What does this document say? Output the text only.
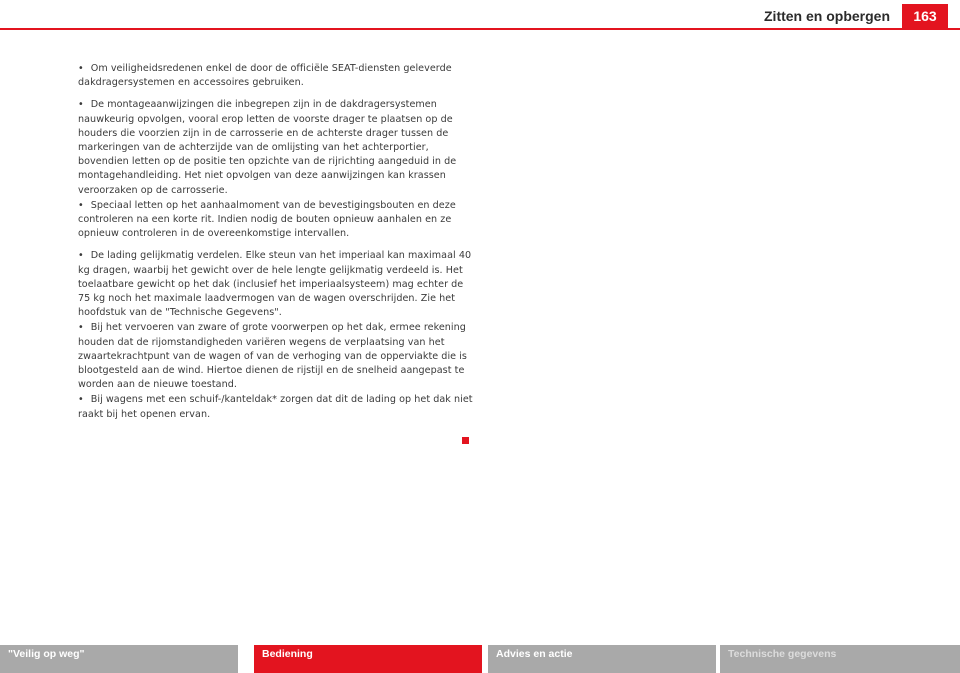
Zitten en opbergen	163

• Om veiligheidsredenen enkel de door de officiële SEAT-diensten geleverde dakdragersystemen en accessoires gebruiken.

• De montageaanwijzingen die inbegrepen zijn in de dakdragersystemen nauwkeurig opvolgen, vooral erop letten de voorste drager te plaatsen op de houders die voorzien zijn in de carrosserie en de achterste drager tussen de markeringen van de achterzijde van de omlijsting van het achterportier, bovendien letten op de positie ten opzichte van de rijrichting aangeduid in de montagehandleiding. Het niet opvolgen van deze aanwijzingen kan krassen veroorzaken op de carrosserie.

• Speciaal letten op het aanhaalmoment van de bevestigingsbouten en deze controleren na een korte rit. Indien nodig de bouten opnieuw aanhalen en ze opnieuw controleren in de overeenkomstige intervallen.

• De lading gelijkmatig verdelen. Elke steun van het imperiaal kan maximaal 40 kg dragen, waarbij het gewicht over de hele lengte gelijkmatig verdeeld is. Het toelaatbare gewicht op het dak (inclusief het imperiaalsysteem) mag echter de 75 kg noch het maximale laadvermogen van de wagen overschrijden. Zie het hoofdstuk van de "Technische Gegevens".

• Bij het vervoeren van zware of grote voorwerpen op het dak, ermee rekening houden dat de rijomstandigheden variëren wegens de verplaatsing van het zwaartekrachtpunt van de wagen of van de verhoging van de opperviakte die is blootgesteld aan de wind. Hiertoe dienen de rijstijl en de snelheid aangepast te worden aan de nieuwe toestand.

• Bij wagens met een schuif-/kanteldak* zorgen dat dit de lading op het dak niet raakt bij het openen ervan.

"Veilig op weg"	Bediening	Advies en actie	Technische gegevens
